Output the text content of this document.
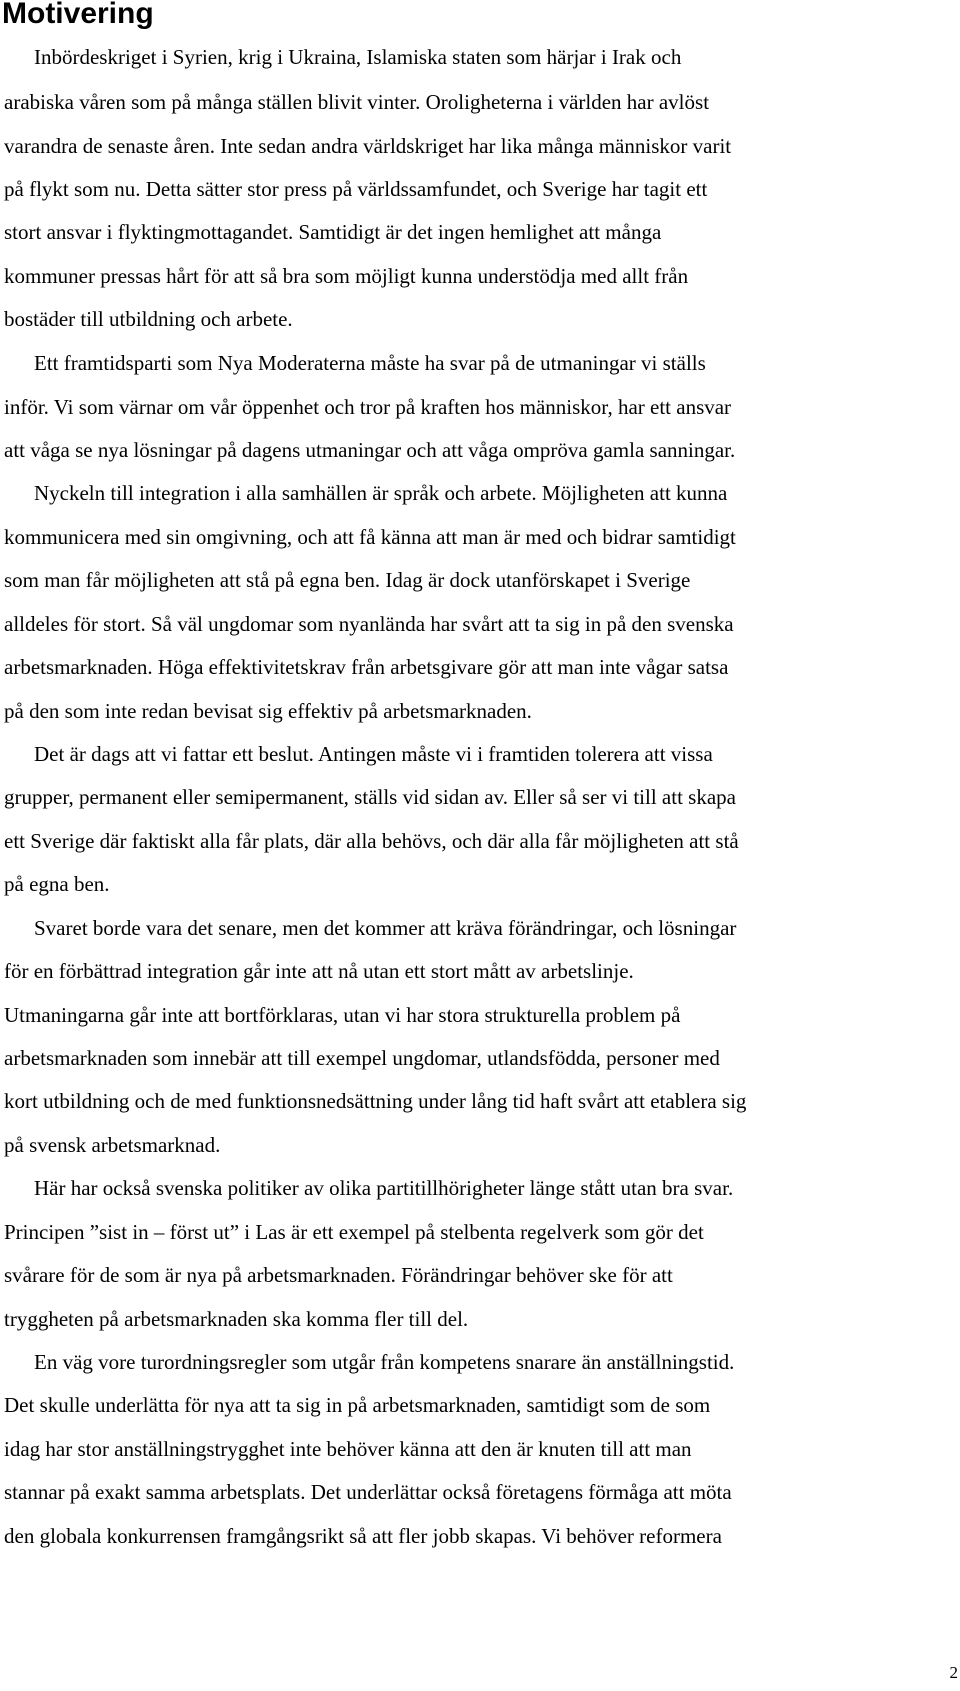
Motivering
Inbördeskriget i Syrien, krig i Ukraina, Islamiska staten som härjar i Irak och
arabiska våren som på många ställen blivit vinter. Oroligheterna i världen har avlöst
varandra de senaste åren. Inte sedan andra världskriget har lika många människor varit
på flykt som nu. Detta sätter stor press på världssamfundet, och Sverige har tagit ett
stort ansvar i flyktingmottagandet. Samtidigt är det ingen hemlighet att många
kommuner pressas hårt för att så bra som möjligt kunna understödja med allt från
bostäder till utbildning och arbete.
Ett framtidsparti som Nya Moderaterna måste ha svar på de utmaningar vi ställs
inför. Vi som värnar om vår öppenhet och tror på kraften hos människor, har ett ansvar
att våga se nya lösningar på dagens utmaningar och att våga ompröva gamla sanningar.
Nyckeln till integration i alla samhällen är språk och arbete. Möjligheten att kunna
kommunicera med sin omgivning, och att få känna att man är med och bidrar samtidigt
som man får möjligheten att stå på egna ben. Idag är dock utanförskapet i Sverige
alldeles för stort. Så väl ungdomar som nyanlända har svårt att ta sig in på den svenska
arbetsmarknaden. Höga effektivitetskrav från arbetsgivare gör att man inte vågar satsa
på den som inte redan bevisat sig effektiv på arbetsmarknaden.
Det är dags att vi fattar ett beslut. Antingen måste vi i framtiden tolerera att vissa
grupper, permanent eller semipermanent, ställs vid sidan av. Eller så ser vi till att skapa
ett Sverige där faktiskt alla får plats, där alla behövs, och där alla får möjligheten att stå
på egna ben.
Svaret borde vara det senare, men det kommer att kräva förändringar, och lösningar
för en förbättrad integration går inte att nå utan ett stort mått av arbetslinje.
Utmaningarna går inte att bortförklaras, utan vi har stora strukturella problem på
arbetsmarknaden som innebär att till exempel ungdomar, utlandsfödda, personer med
kort utbildning och de med funktionsnedsättning under lång tid haft svårt att etablera sig
på svensk arbetsmarknad.
Här har också svenska politiker av olika partitillhörigheter länge stått utan bra svar.
Principen ”sist in – först ut” i Las är ett exempel på stelbenta regelverk som gör det
svårare för de som är nya på arbetsmarknaden. Förändringar behöver ske för att
tryggheten på arbetsmarknaden ska komma fler till del.
En väg vore turordningsregler som utgår från kompetens snarare än anställningstid.
Det skulle underlätta för nya att ta sig in på arbetsmarknaden, samtidigt som de som
idag har stor anställningstrygghet inte behöver känna att den är knuten till att man
stannar på exakt samma arbetsplats. Det underlättar också företagens förmåga att möta
den globala konkurrensen framgångsrikt så att fler jobb skapas. Vi behöver reformera
2
